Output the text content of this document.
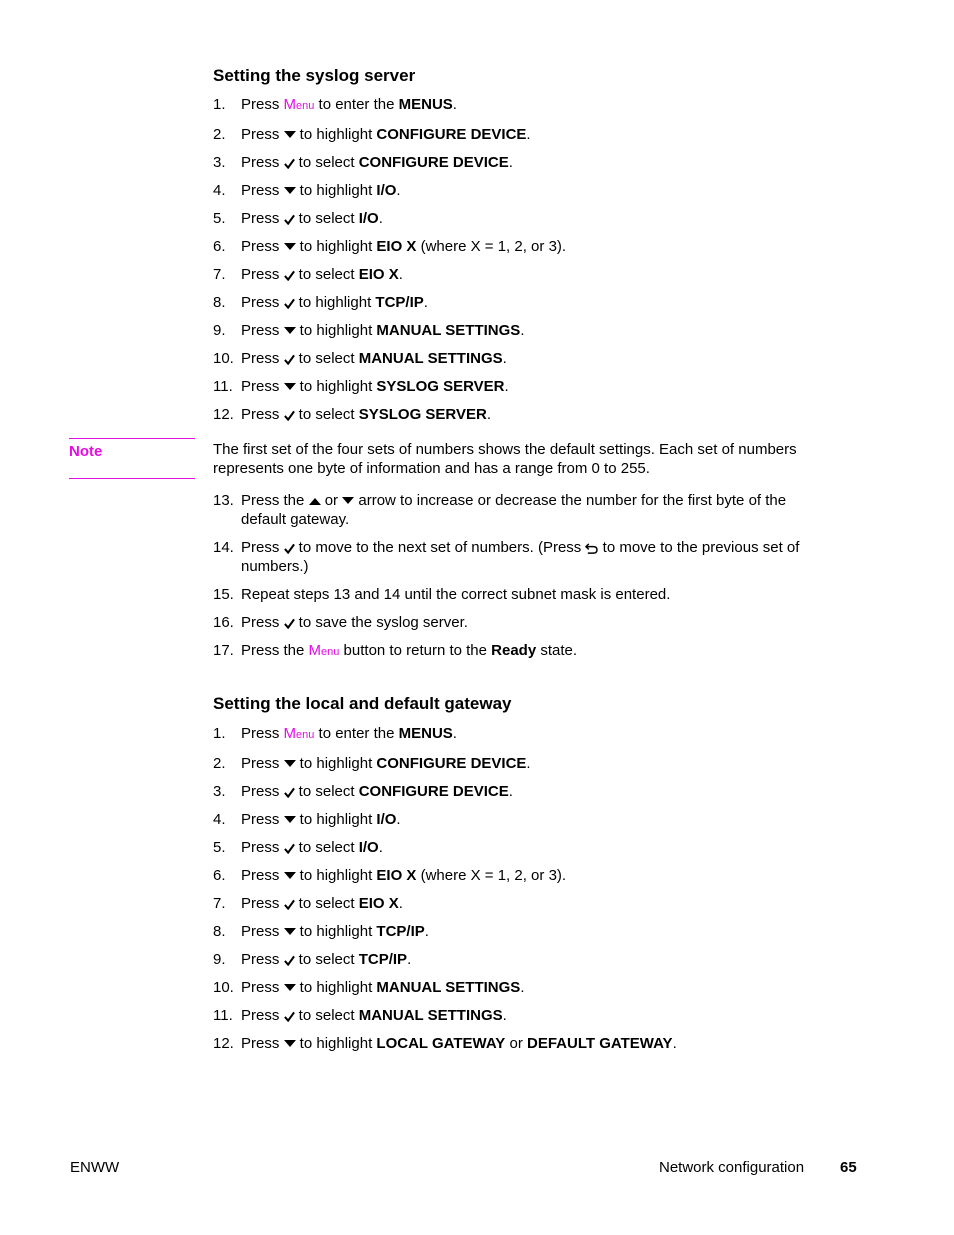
Setting the syslog server
1. Press Menu to enter the MENUS.
2. Press  to highlight CONFIGURE DEVICE.
3. Press  to select CONFIGURE DEVICE.
4. Press  to highlight I/O.
5. Press  to select I/O.
6. Press  to highlight EIO X (where X = 1, 2, or 3).
7. Press  to select EIO X.
8. Press  to highlight TCP/IP.
9. Press  to highlight MANUAL SETTINGS.
10. Press  to select MANUAL SETTINGS.
11. Press  to highlight SYSLOG SERVER.
12. Press  to select SYSLOG SERVER.
13. Press the  or  arrow to increase or decrease the number for the first byte of the default gateway.
14. Press  to move to the next set of numbers. (Press  to move to the previous set of numbers.)
15. Repeat steps 13 and 14 until the correct subnet mask is entered.
16. Press  to save the syslog server.
17. Press the Menu button to return to the Ready state.
Setting the local and default gateway
1. Press Menu to enter the MENUS.
2. Press  to highlight CONFIGURE DEVICE.
3. Press  to select CONFIGURE DEVICE.
4. Press  to highlight I/O.
5. Press  to select I/O.
6. Press  to highlight EIO X (where X = 1, 2, or 3).
7. Press  to select EIO X.
8. Press  to highlight TCP/IP.
9. Press  to select TCP/IP.
10. Press  to highlight MANUAL SETTINGS.
11. Press  to select MANUAL SETTINGS.
12. Press  to highlight LOCAL GATEWAY or DEFAULT GATEWAY.
Note	The first set of the four sets of numbers shows the default settings. Each set of numbers represents one byte of information and has a range from 0 to 255.
ENWW	Network configuration 65
